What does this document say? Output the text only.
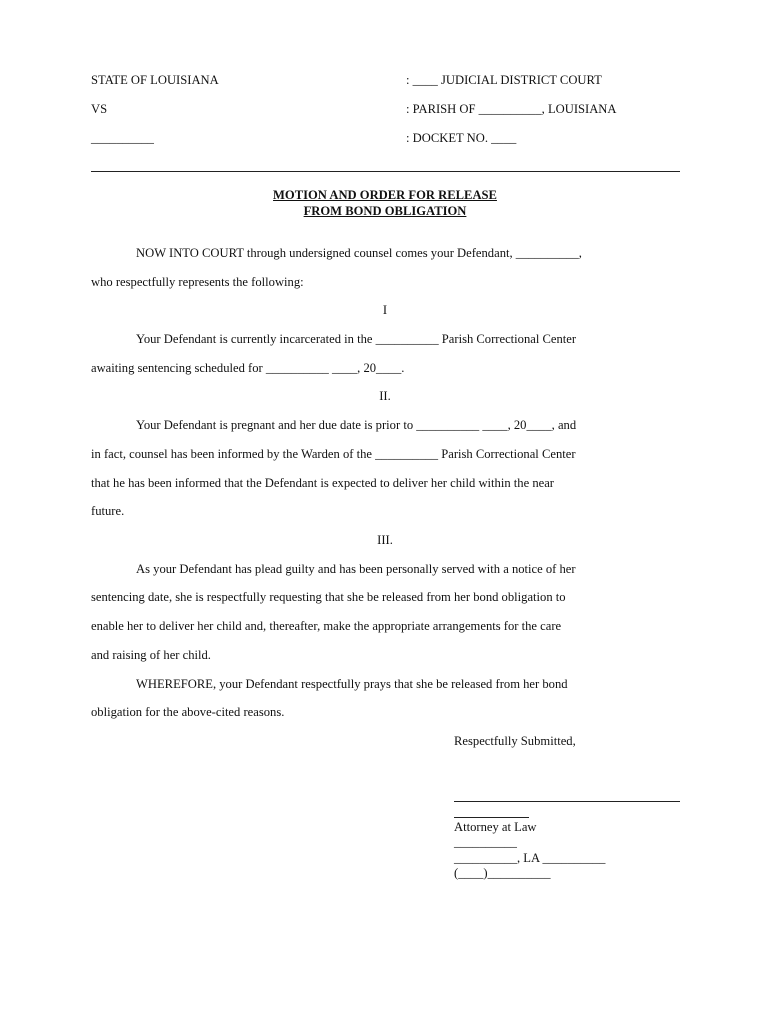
STATE OF LOUISIANA	: ____ JUDICIAL DISTRICT COURT
VS	: PARISH OF __________, LOUISIANA
__________	: DOCKET NO. ____
MOTION AND ORDER FOR RELEASE
FROM BOND OBLIGATION
NOW INTO COURT through undersigned counsel comes your Defendant, __________,
who respectfully represents the following:
I
Your Defendant is currently incarcerated in the __________ Parish Correctional Center
awaiting sentencing scheduled for __________ ____, 20____.
II.
Your Defendant is pregnant and her due date is prior to __________ ____, 20____, and
in fact, counsel has been informed by the Warden of the __________ Parish Correctional Center
that he has been informed that the Defendant is expected to deliver her child within the near
future.
III.
As your Defendant has plead guilty and has been personally served with a notice of her
sentencing date, she is respectfully requesting that she be released from her bond obligation to
enable her to deliver her child and, thereafter, make the appropriate arrangements for the care
and raising of her child.
WHEREFORE, your Defendant respectfully prays that she be released from her bond
obligation for the above-cited reasons.
Respectfully Submitted,
Attorney at Law
__________
__________, LA __________
(____)__________
